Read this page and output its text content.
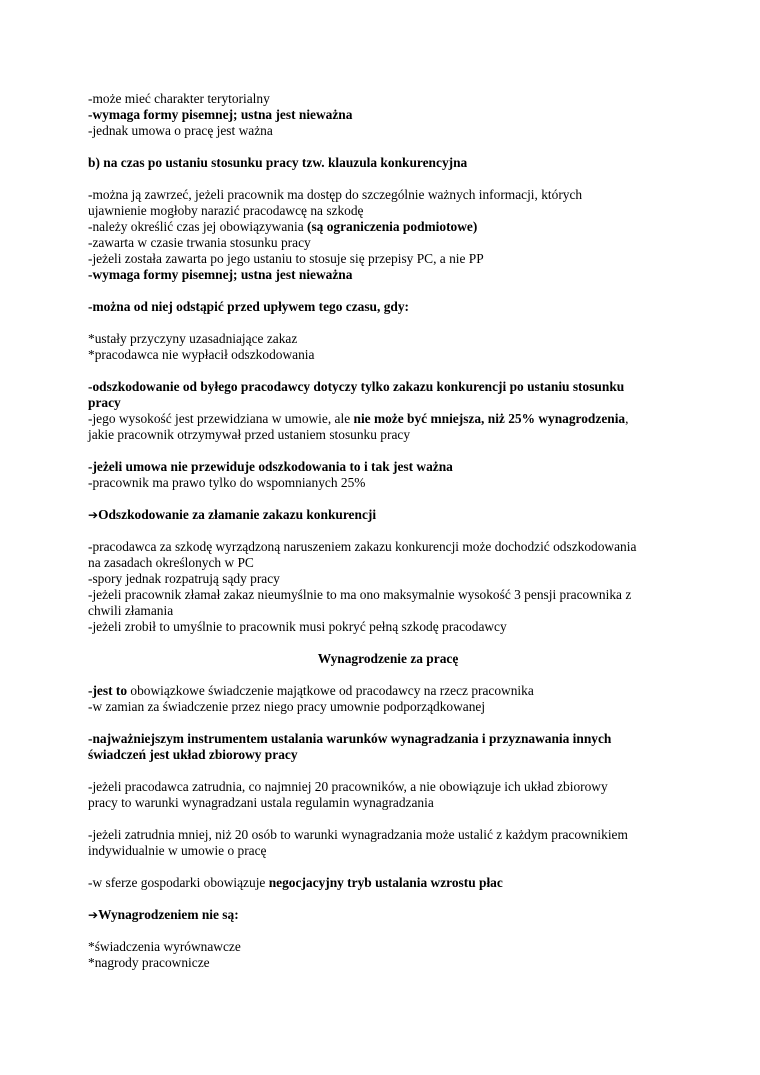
-może mieć charakter terytorialny
-wymaga formy pisemnej; ustna jest nieważna
-jednak umowa o pracę jest ważna
b) na czas po ustaniu stosunku pracy tzw. klauzula konkurencyjna
-można ją zawrzeć, jeżeli pracownik ma dostęp do szczególnie ważnych informacji, których
ujawnienie mogłoby narazić pracodawcę na szkodę
-należy określić czas jej obowiązywania (są ograniczenia podmiotowe)
-zawarta w czasie trwania stosunku pracy
-jeżeli została zawarta po jego ustaniu to stosuje się przepisy PC, a nie PP
-wymaga formy pisemnej; ustna jest nieważna
-można od niej odstąpić przed upływem tego czasu, gdy:
*ustały przyczyny uzasadniające zakaz
*pracodawca nie wypłacił odszkodowania
-odszkodowanie od byłego pracodawcy dotyczy tylko zakazu konkurencji po ustaniu stosunku
pracy
-jego wysokość jest przewidziana w umowie, ale nie może być mniejsza, niż 25% wynagrodzenia,
jakie pracownik otrzymywał przed ustaniem stosunku pracy
-jeżeli umowa nie przewiduje odszkodowania to i tak jest ważna
-pracownik ma prawo tylko do wspomnianych 25%
➔Odszkodowanie za złamanie zakazu konkurencji
-pracodawca za szkodę wyrządzoną naruszeniem zakazu konkurencji może dochodzić odszkodowania
na zasadach określonych w PC
-spory jednak rozpatrują sądy pracy
-jeżeli pracownik złamał zakaz nieumyślnie to ma ono maksymalnie wysokość 3 pensji pracownika z
chwili złamania
-jeżeli zrobił to umyślnie to pracownik musi pokryć pełną szkodę pracodawcy
Wynagrodzenie za pracę
-jest to obowiązkowe świadczenie majątkowe od pracodawcy na rzecz pracownika
-w zamian za świadczenie przez niego pracy umownie podporządkowanej
-najważniejszym instrumentem ustalania warunków wynagradzania i przyznawania innych
świadczeń jest układ zbiorowy pracy
-jeżeli pracodawca zatrudnia, co najmniej 20 pracowników, a nie obowiązuje ich układ zbiorowy
pracy to warunki wynagradzani ustala regulamin wynagradzania
-jeżeli zatrudnia mniej, niż 20 osób to warunki wynagradzania może ustalić z każdym pracownikiem
indywidualnie w umowie o pracę
-w sferze gospodarki obowiązuje negocjacyjny tryb ustalania wzrostu płac
➔Wynagrodzeniem nie są:
*świadczenia wyrównawcze
*nagrody pracownicze
